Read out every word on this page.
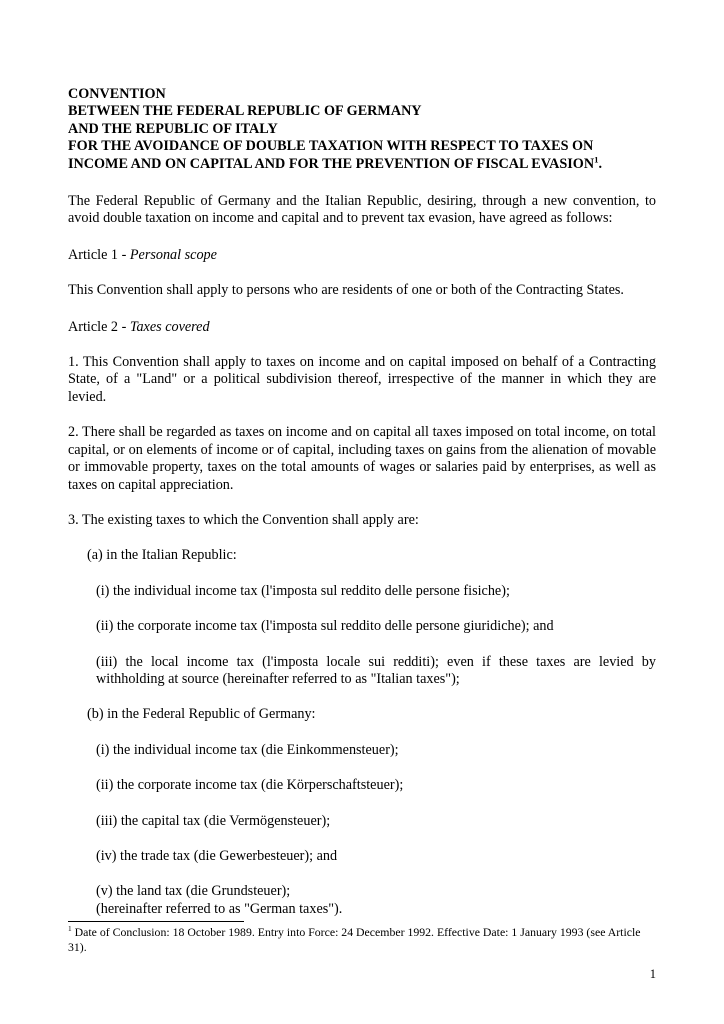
CONVENTION
BETWEEN THE FEDERAL REPUBLIC OF GERMANY
AND THE REPUBLIC OF ITALY
FOR THE AVOIDANCE OF DOUBLE TAXATION WITH RESPECT TO TAXES ON
INCOME AND ON CAPITAL AND FOR THE PREVENTION OF FISCAL EVASION$^1$.

The Federal Republic of Germany and the Italian Republic, desiring, through a new convention, to avoid double taxation on income and capital and to prevent tax evasion, have agreed as follows:

Article 1 - Personal scope

This Convention shall apply to persons who are residents of one or both of the Contracting States.

Article 2 - Taxes covered

1. This Convention shall apply to taxes on income and on capital imposed on behalf of a Contracting State, of a "Land" or a political subdivision thereof, irrespective of the manner in which they are levied.

2. There shall be regarded as taxes on income and on capital all taxes imposed on total income, on total capital, or on elements of income or of capital, including taxes on gains from the alienation of movable or immovable property, taxes on the total amounts of wages or salaries paid by enterprises, as well as taxes on capital appreciation.

3. The existing taxes to which the Convention shall apply are:

(a) in the Italian Republic:

(i) the individual income tax (l'imposta sul reddito delle persone fisiche);

(ii) the corporate income tax (l'imposta sul reddito delle persone giuridiche); and

(iii) the local income tax (l'imposta locale sui redditi); even if these taxes are levied by withholding at source (hereinafter referred to as "Italian taxes");

(b) in the Federal Republic of Germany:

(i) the individual income tax (die Einkommensteuer);

(ii) the corporate income tax (die Körperschaftsteuer);

(iii) the capital tax (die Vermögensteuer);

(iv) the trade tax (die Gewerbesteuer); and

(v) the land tax (die Grundsteuer);

(hereinafter referred to as "German taxes").

$^1$ Date of Conclusion: 18 October 1989. Entry into Force: 24 December 1992. Effective Date: 1 January 1993 (see Article 31).

1
